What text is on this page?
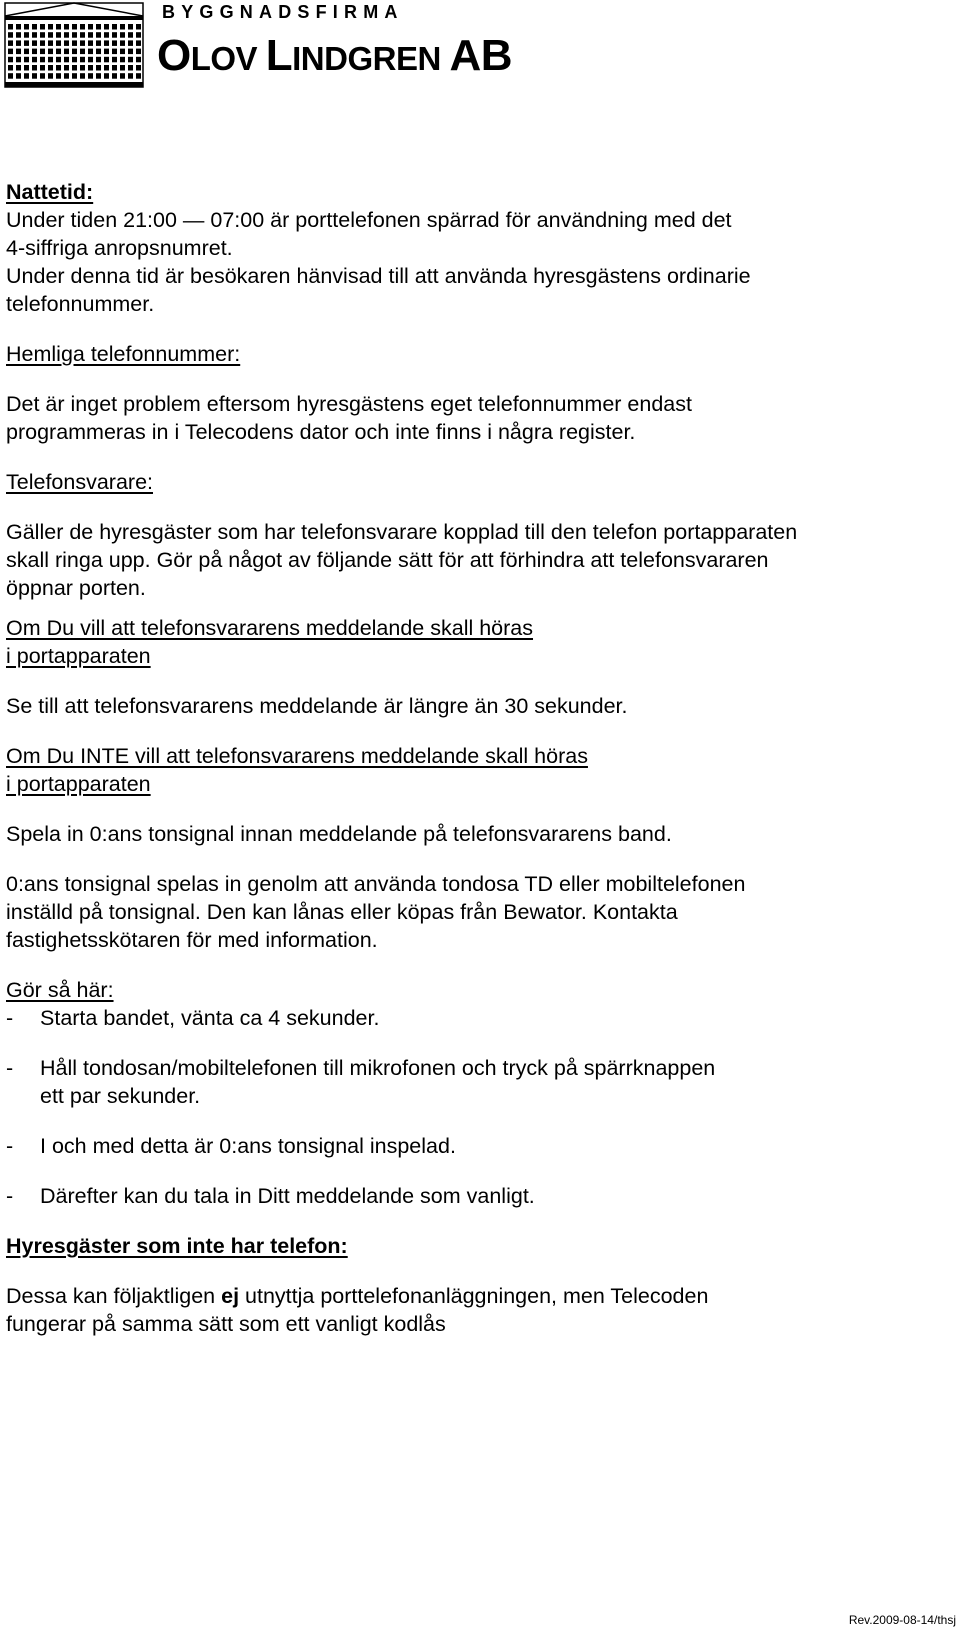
BYGGNADSFIRMA
OLOV LINDGREN AB

Nattetid:

Under tiden 21:00 — 07:00 är porttelefonen spärrad för användning med det

4-siffriga anropsnumret.

Under denna tid är besökaren hänvisad till att använda hyresgästens ordinarie

telefonnummer.

Hemliga telefonnummer:

Det är inget problem eftersom hyresgästens eget telefonnummer endast

programmeras in i Telecodens dator och inte finns i några register.

Telefonsvarare:

Gäller de hyresgäster som har telefonsvarare kopplad till den telefon portapparaten

skall ringa upp. Gör på något av följande sätt för att förhindra att telefonsvararen

öppnar porten.

Om Du vill att telefonsvararens meddelande skall höras

i portapparaten

Se till att telefonsvararens meddelande är längre än 30 sekunder.

Om Du INTE vill att telefonsvararens meddelande skall höras

i portapparaten

Spela in 0:ans tonsignal innan meddelande på telefonsvararens band.

0:ans tonsignal spelas in genolm att använda tondosa TD eller mobiltelefonen

inställd på tonsignal. Den kan lånas eller köpas från Bewator. Kontakta

fastighetsskötaren för med information.

Gör så här:

-	Starta bandet, vänta ca 4 sekunder.
-	Håll tondosan/mobiltelefonen till mikrofonen och tryck på spärrknappen
ett par sekunder.
-	I och med detta är 0:ans tonsignal inspelad.
-	Därefter kan du tala in Ditt meddelande som vanligt.

Hyresgäster som inte har telefon:

Dessa kan följaktligen ej utnyttja porttelefonanläggningen, men Telecoden

fungerar på samma sätt som ett vanligt kodlås

Rev.2009-08-14/thsj
